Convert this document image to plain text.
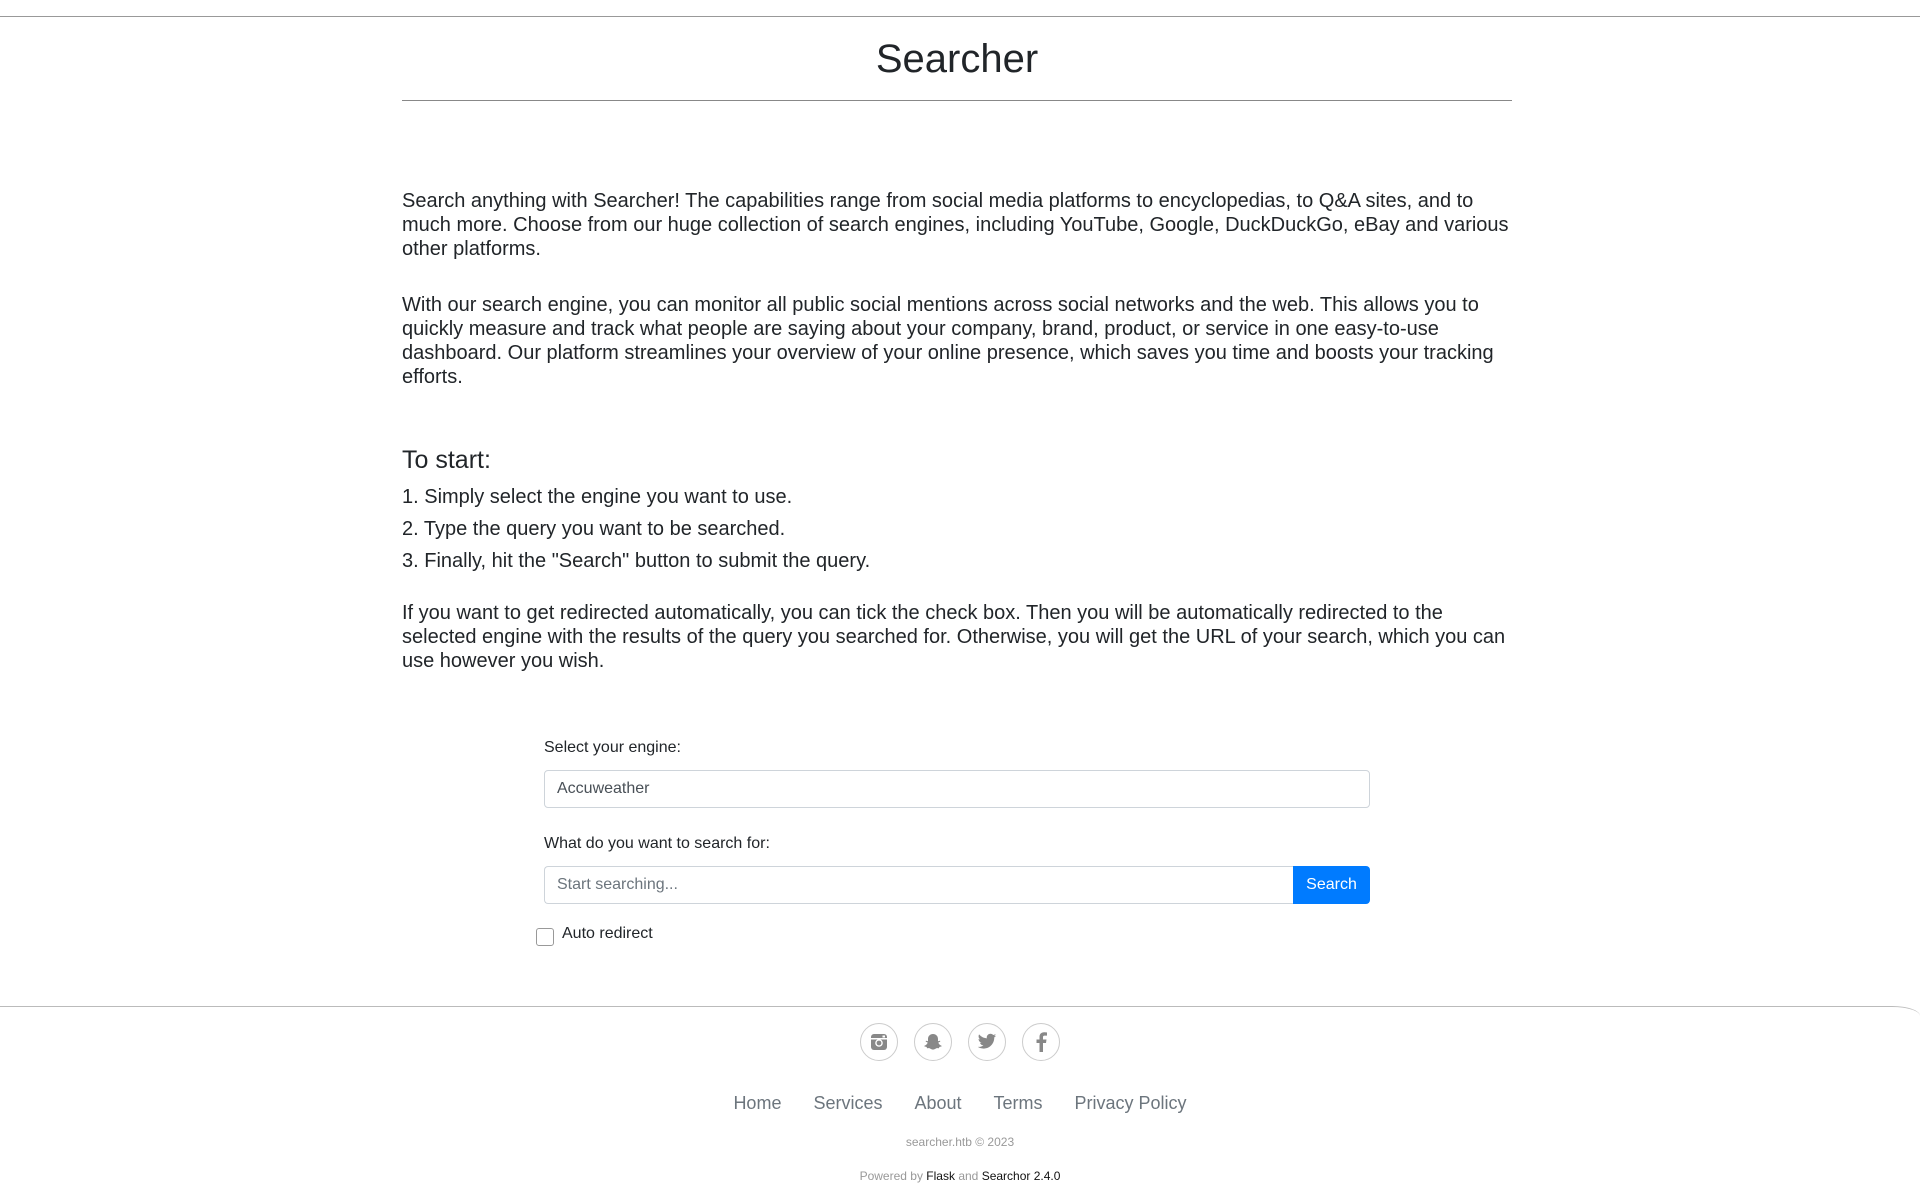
Searcher

Search anything with Searcher! The capabilities range from social media platforms to encyclopedias, to Q&A sites, and to much more. Choose from our huge collection of search engines, including YouTube, Google, DuckDuckGo, eBay and various other platforms.

With our search engine, you can monitor all public social mentions across social networks and the web. This allows you to quickly measure and track what people are saying about your company, brand, product, or service in one easy-to-use dashboard. Our platform streamlines your overview of your online presence, which saves you time and boosts your tracking efforts.

To start:
1. Simply select the engine you want to use.
2. Type the query you want to be searched.
3. Finally, hit the "Search" button to submit the query.

If you want to get redirected automatically, you can tick the check box. Then you will be automatically redirected to the selected engine with the results of the query you searched for. Otherwise, you will get the URL of your search, which you can use however you wish.

Select your engine:
Accuweather
What do you want to search for:
Start searching...
Search
Auto redirect
Home Services About Terms Privacy Policy
searcher.htb © 2023
Powered by Flask and Searchor 2.4.0
